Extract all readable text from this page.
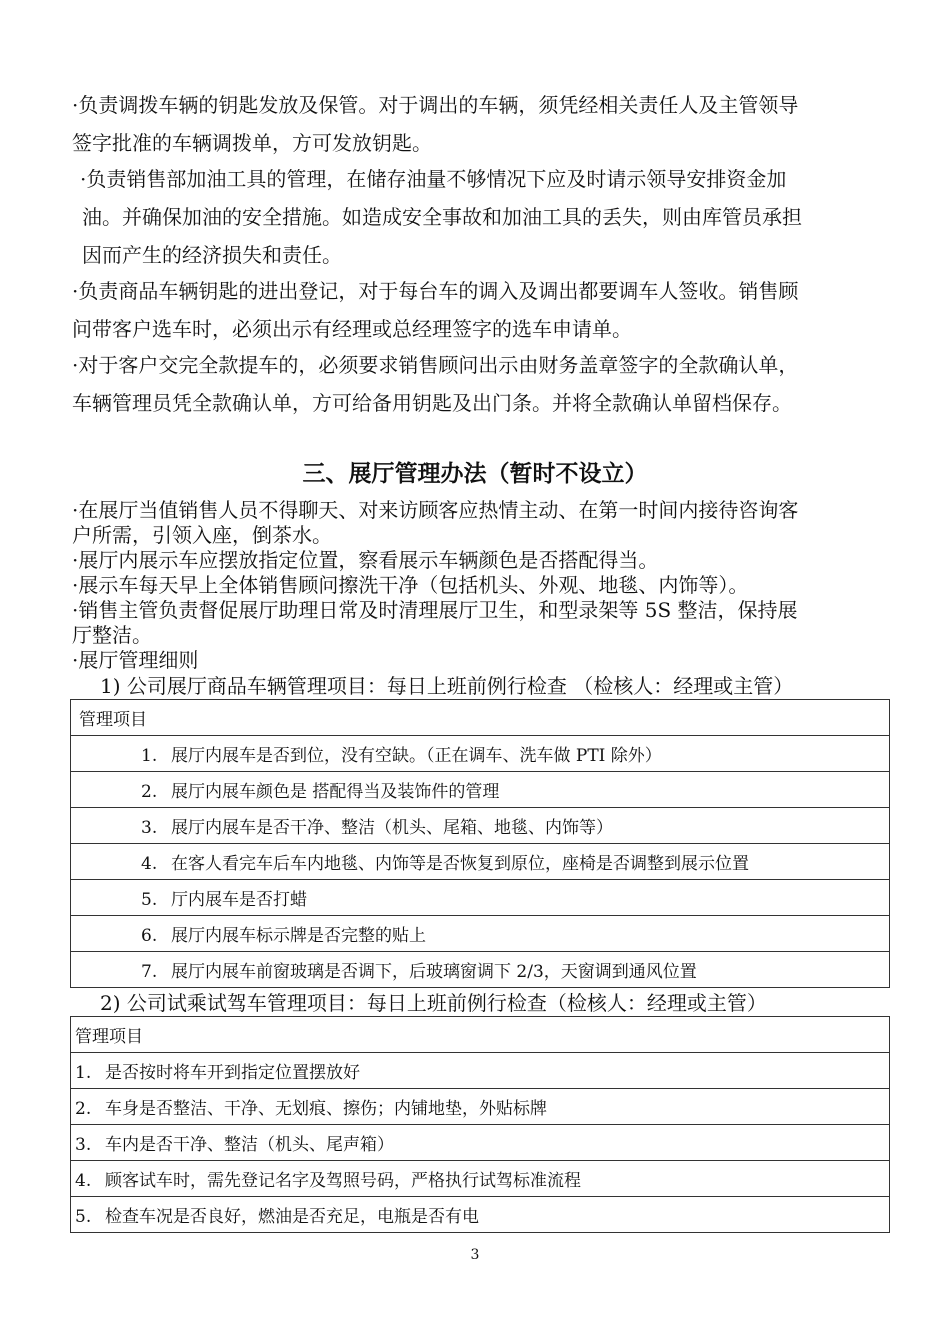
·负责调拨车辆的钥匙发放及保管。对于调出的车辆，须凭经相关责任人及主管领导
签字批准的车辆调拨单，方可发放钥匙。
·负责销售部加油工具的管理，在储存油量不够情况下应及时请示领导安排资金加
油。并确保加油的安全措施。如造成安全事故和加油工具的丢失，则由库管员承担
因而产生的经济损失和责任。
·负责商品车辆钥匙的进出登记，对于每台车的调入及调出都要调车人签收。销售顾
问带客户选车时，必须出示有经理或总经理签字的选车申请单。
·对于客户交完全款提车的，必须要求销售顾问出示由财务盖章签字的全款确认单，
车辆管理员凭全款确认单，方可给备用钥匙及出门条。并将全款确认单留档保存。
三、展厅管理办法（暂时不设立）
·在展厅当值销售人员不得聊天、对来访顾客应热情主动、在第一时间内接待咨询客
户所需，引领入座，倒茶水。
·展厅内展示车应摆放指定位置，察看展示车辆颜色是否搭配得当。
·展示车每天早上全体销售顾问擦洗干净（包括机头、外观、地毯、内饰等）。
·销售主管负责督促展厅助理日常及时清理展厅卫生，和型录架等 5S 整洁，保持展
厅整洁。
·展厅管理细则
1) 公司展厅商品车辆管理项目：每日上班前例行检查 （检核人：经理或主管）
管理项目
1. 展厅内展车是否到位，没有空缺。（正在调车、洗车做 PTI 除外）
2. 展厅内展车颜色是 搭配得当及装饰件的管理
3. 展厅内展车是否干净、整洁（机头、尾箱、地毯、内饰等）
4. 在客人看完车后车内地毯、内饰等是否恢复到原位，座椅是否调整到展示位置
5. 厅内展车是否打蜡
6. 展厅内展车标示牌是否完整的贴上
7. 展厅内展车前窗玻璃是否调下，后玻璃窗调下 2/3，天窗调到通风位置
2) 公司试乘试驾车管理项目：每日上班前例行检查（检核人：经理或主管）
管理项目
1. 是否按时将车开到指定位置摆放好
2. 车身是否整洁、干净、无划痕、擦伤；内铺地垫，外贴标牌
3. 车内是否干净、整洁（机头、尾声箱）
4. 顾客试车时，需先登记名字及驾照号码，严格执行试驾标准流程
5. 检查车况是否良好，燃油是否充足，电瓶是否有电
3
